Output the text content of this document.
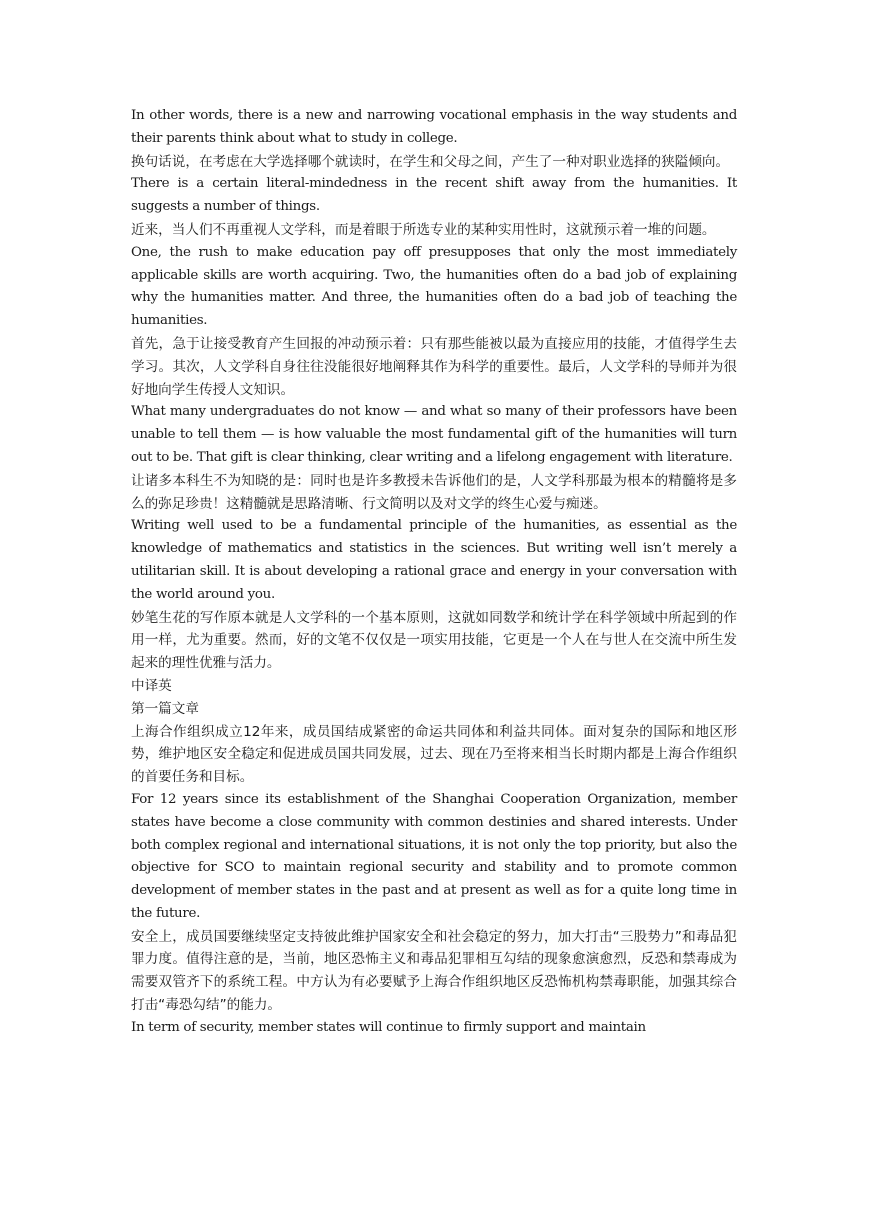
In other words, there is a new and narrowing vocational emphasis in the way students and their parents think about what to study in college.

换句话说，在考虑在大学选择哪个就读时，在学生和父母之间，产生了一种对职业选择的狭隘倾向。

There is a certain literal-mindedness in the recent shift away from the humanities. It suggests a number of things.

近来，当人们不再重视人文学科，而是着眼于所选专业的某种实用性时，这就预示着一堆的问题。

One, the rush to make education pay off presupposes that only the most immediately applicable skills are worth acquiring. Two, the humanities often do a bad job of explaining why the humanities matter. And three, the humanities often do a bad job of teaching the humanities.

首先，急于让接受教育产生回报的冲动预示着：只有那些能被以最为直接应用的技能，才值得学生去学习。其次，人文学科自身往往没能很好地阐释其作为科学的重要性。最后，人文学科的导师并为很好地向学生传授人文知识。

What many undergraduates do not know — and what so many of their professors have been unable to tell them — is how valuable the most fundamental gift of the humanities will turn out to be. That gift is clear thinking, clear writing and a lifelong engagement with literature.

让诸多本科生不为知晓的是：同时也是许多教授未告诉他们的是，人文学科那最为根本的精髓将是多么的弥足珍贵！这精髓就是思路清晰、行文简明以及对文学的终生心爱与痴迷。

Writing well used to be a fundamental principle of the humanities, as essential as the knowledge of mathematics and statistics in the sciences. But writing well isn’t merely a utilitarian skill. It is about developing a rational grace and energy in your conversation with the world around you.

妙笔生花的写作原本就是人文学科的一个基本原则，这就如同数学和统计学在科学领域中所起到的作用一样，尤为重要。然而，好的文笔不仅仅是一项实用技能，它更是一个人在与世人在交流中所生发起来的理性优雅与活力。

中译英

第一篇文章

上海合作组织成立12年来，成员国结成紧密的命运共同体和利益共同体。面对复杂的国际和地区形势，维护地区安全稳定和促进成员国共同发展，过去、现在乃至将来相当长时期内都是上海合作组织的首要任务和目标。

For 12 years since its establishment of the Shanghai Cooperation Organization, member states have become a close community with common destinies and shared interests. Under both complex regional and international situations, it is not only the top priority, but also the objective for SCO to maintain regional security and stability and to promote common development of member states in the past and at present as well as for a quite long time in the future.

安全上，成员国要继续坚定支持彼此维护国家安全和社会稳定的努力，加大打击“三股势力”和毒品犯罪力度。值得注意的是，当前，地区恐怖主义和毒品犯罪相互勾结的现象愈演愈烈，反恐和禁毒成为需要双管齐下的系统工程。中方认为有必要赋予上海合作组织地区反恐怖机构禁毒职能，加强其综合打击“毒恐勾结”的能力。

In term of security, member states will continue to firmly support and maintain
